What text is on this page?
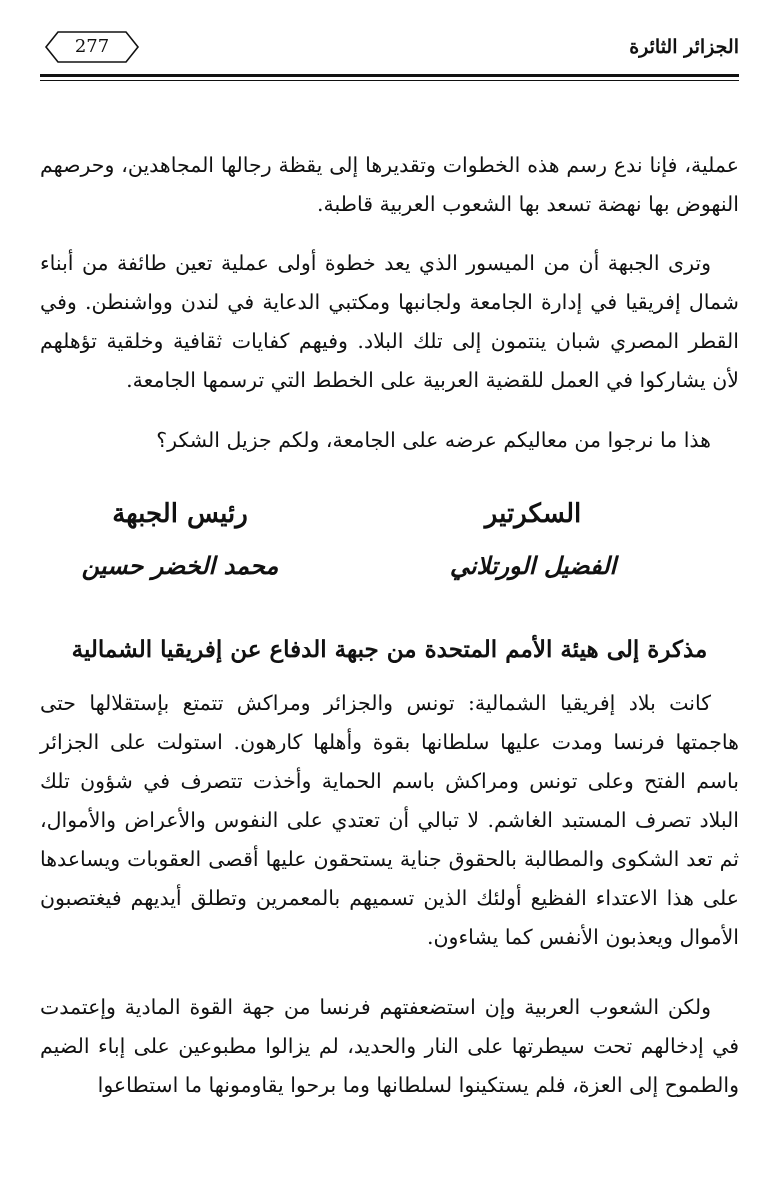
الجزائر الثائرة
277

عملية، فإنا ندع رسم هذه الخطوات وتقديرها إلى يقظة رجالها المجاهدين، وحرصهم النهوض بها نهضة تسعد بها الشعوب العربية قاطبة.

وترى الجبهة أن من الميسور الذي يعد خطوة أولى عملية تعين طائفة من أبناء شمال إفريقيا في إدارة الجامعة ولجانبها ومكتبي الدعاية في لندن وواشنطن. وفي القطر المصري شبان ينتمون إلى تلك البلاد. وفيهم كفايات ثقافية وخلقية تؤهلهم لأن يشاركوا في العمل للقضية العربية على الخطط التي ترسمها الجامعة.

هذا ما نرجوا من معاليكم عرضه على الجامعة، ولكم جزيل الشكر؟

السكرتير
الفضيل الورتلاني
رئيس الجبهة
محمد الخضر حسين
مذكرة إلى هيئة الأمم المتحدة من جبهة الدفاع عن إفريقيا الشمالية

كانت بلاد إفريقيا الشمالية: تونس والجزائر ومراكش تتمتع بإستقلالها حتى هاجمتها فرنسا ومدت عليها سلطانها بقوة وأهلها كارهون. استولت على الجزائر باسم الفتح وعلى تونس ومراكش باسم الحماية وأخذت تتصرف في شؤون تلك البلاد تصرف المستبد الغاشم. لا تبالي أن تعتدي على النفوس والأعراض والأموال، ثم تعد الشكوى والمطالبة بالحقوق جناية يستحقون عليها أقصى العقوبات ويساعدها على هذا الاعتداء الفظيع أولئك الذين تسميهم بالمعمرين وتطلق أيديهم فيغتصبون الأموال ويعذبون الأنفس كما يشاءون.

ولكن الشعوب العربية وإن استضعفتهم فرنسا من جهة القوة المادية وإعتمدت في إدخالهم تحت سيطرتها على النار والحديد، لم يزالوا مطبوعين على إباء الضيم والطموح إلى العزة، فلم يستكينوا لسلطانها وما برحوا يقاومونها ما استطاعوا
